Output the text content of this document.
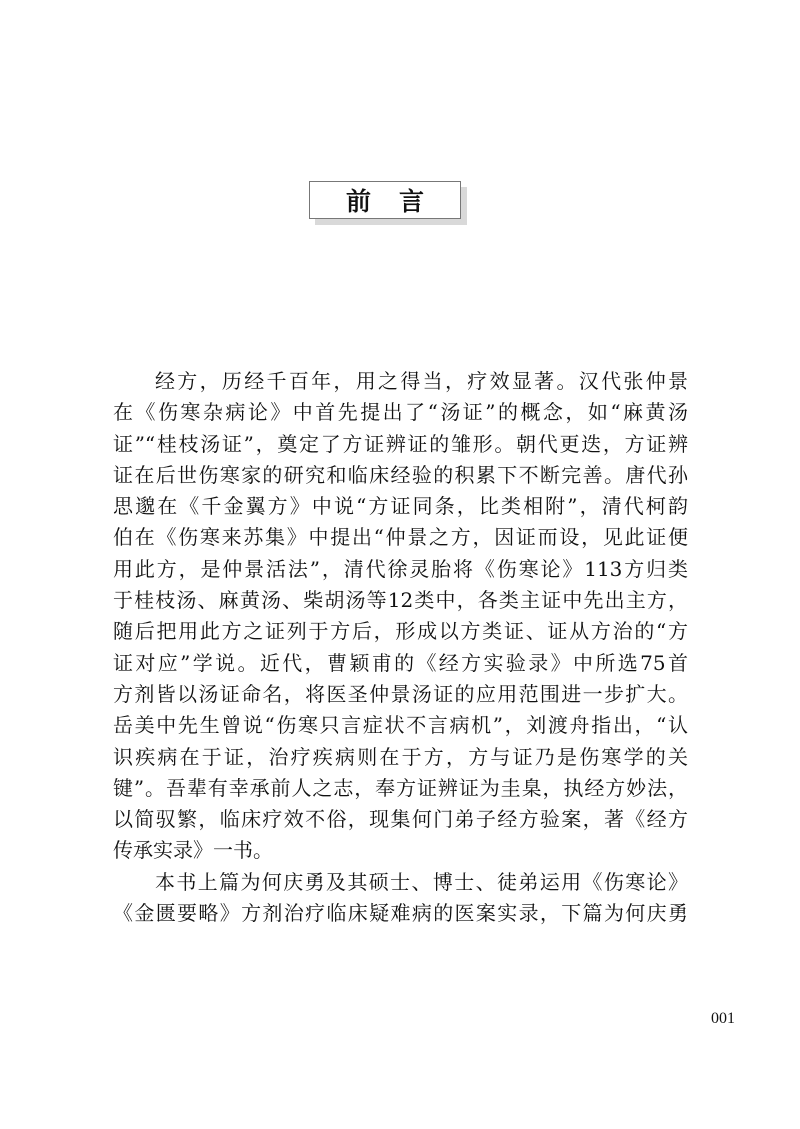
前言
经方，历经千百年，用之得当，疗效显著。汉代张仲景
在《伤寒杂病论》中首先提出了“汤证”的概念，如“麻黄汤
证”“桂枝汤证”，奠定了方证辨证的雏形。朝代更迭，方证辨
证在后世伤寒家的研究和临床经验的积累下不断完善。唐代孙
思邈在《千金翼方》中说“方证同条，比类相附”，清代柯韵
伯在《伤寒来苏集》中提出“仲景之方，因证而设，见此证便
用此方，是仲景活法”，清代徐灵胎将《伤寒论》113方归类
于桂枝汤、麻黄汤、柴胡汤等12类中，各类主证中先出主方，
随后把用此方之证列于方后，形成以方类证、证从方治的“方
证对应”学说。近代，曹颖甫的《经方实验录》中所选75首
方剂皆以汤证命名，将医圣仲景汤证的应用范围进一步扩大。
岳美中先生曾说“伤寒只言症状不言病机”，刘渡舟指出，“认
识疾病在于证，治疗疾病则在于方，方与证乃是伤寒学的关
键”。吾辈有幸承前人之志，奉方证辨证为圭臬，执经方妙法，
以简驭繁，临床疗效不俗，现集何门弟子经方验案，著《经方
传承实录》一书。
本书上篇为何庆勇及其硕士、博士、徒弟运用《伤寒论》
《金匮要略》方剂治疗临床疑难病的医案实录，下篇为何庆勇
001
